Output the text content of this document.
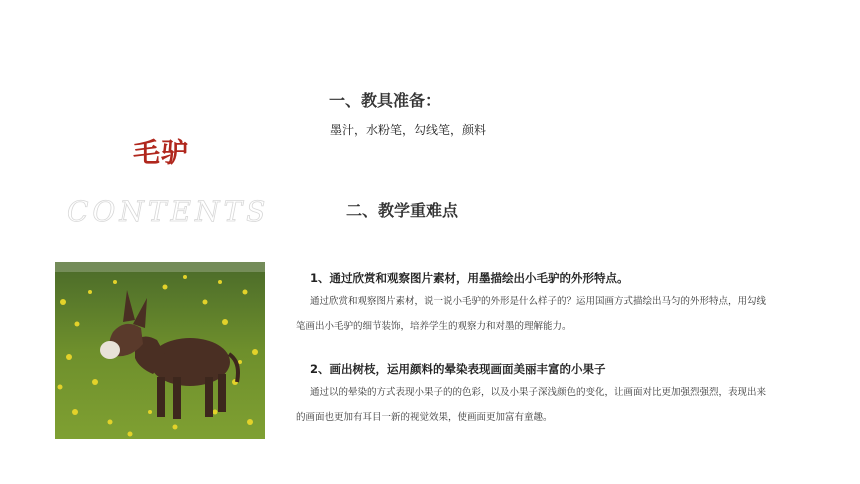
毛驴
CONTENTS
一、教具准备：
墨汁，水粉笔，勾线笔，颜料
二、教学重难点
1、通过欣赏和观察图片素材，用墨描绘出小毛驴的外形特点。
通过欣赏和观察图片素材，说一说小毛驴的外形是什么样子的？运用国画方式描绘出马匀的外形特点，用勾线笔画出小毛驴的细节装饰，培养学生的观察力和对墨的理解能力。
2、画出树枝，运用颜料的晕染表现画面美丽丰富的小果子
通过以的晕染的方式表现小果子的的色彩，以及小果子深浅颜色的变化，让画面对比更加强烈强烈，表现出来的画面也更加有耳目一新的视觉效果，使画面更加富有童趣。
